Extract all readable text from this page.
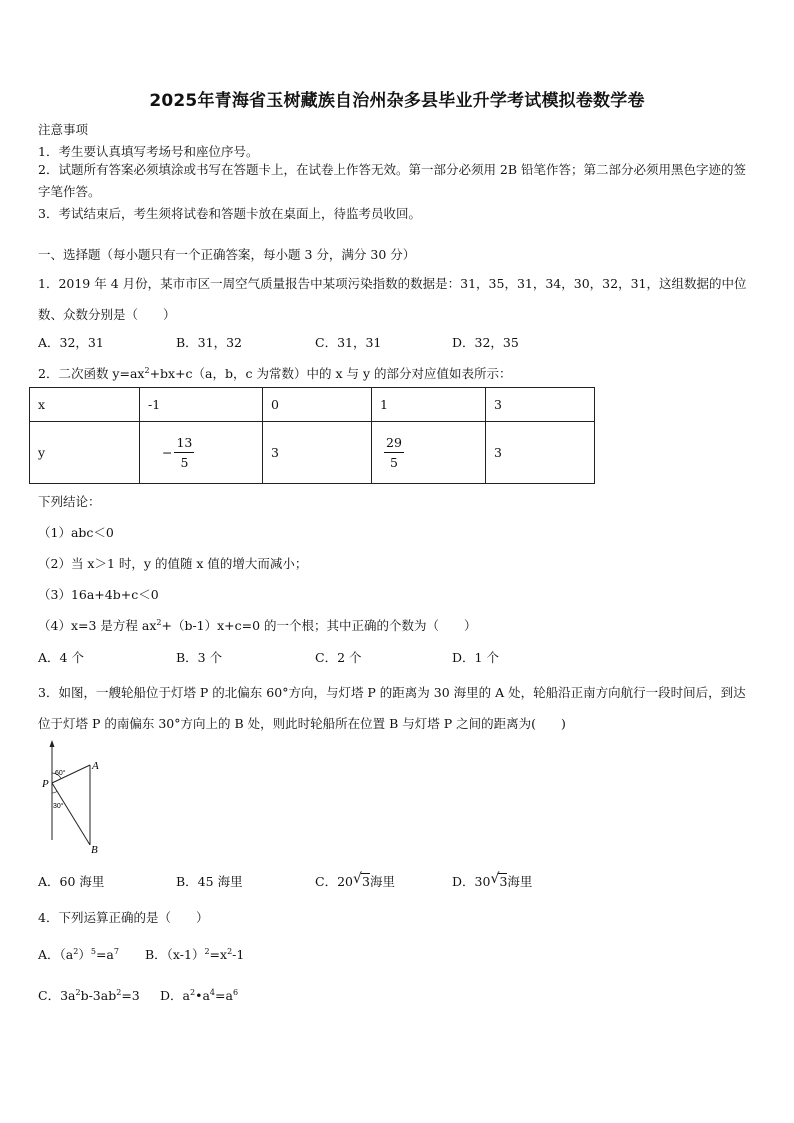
2025年青海省玉树藏族自治州杂多县毕业升学考试模拟卷数学卷
注意事项
1．考生要认真填写考场号和座位序号。
2．试题所有答案必须填涂或书写在答题卡上，在试卷上作答无效。第一部分必须用 2B 铅笔作答；第二部分必须用黑色字迹的签字笔作答。
3．考试结束后，考生须将试卷和答题卡放在桌面上，待监考员收回。
一、选择题（每小题只有一个正确答案，每小题 3 分，满分 30 分）
1．2019 年 4 月份，某市市区一周空气质量报告中某项污染指数的数据是：31，35，31，34，30，32，31，这组数据的中位数、众数分别是（　　）
A．32，31	B．31，32	C．31，31	D．32，35
2．二次函数 $y=ax^2+bx+c(a$，b，c 为常数）中的 x 与 y 的部分对应值如表所示：
x	-1	0	1	3
y	− $\frac{13}{5}$	3	$\frac{29}{5}$	3
下列结论：
（1）abc＜0
（2）当 x＞1 时，y 的值随 x 值的增大而减小；
（3）16a+4b+c＜0
（4）x=3 是方程 $ax^2+(b-1)x+c=0$ 的一个根；其中正确的个数为（　　）
A．4 个	B．3 个	C．2 个	D．1 个
3．如图，一艘轮船位于灯塔 P 的北偏东 60°方向，与灯塔 P 的距离为 30 海里的 A 处，轮船沿正南方向航行一段时间后，到达位于灯塔 P 的南偏东 30°方向上的 B 处，则此时轮船所在位置 B 与灯塔 P 之间的距离为(　　)
P
A
B
60°
30°
A．60 海里	B．45 海里	C．20 √ 3海里	D．30 √ 3海里
4．下列运算正确的是（　　）
A．$(a^2)^5=a^7$ B．$(x-1)^2=x^2-1$
C．$3a^2b-3ab^2=3$ D．$a^2•a^4=a^6$
